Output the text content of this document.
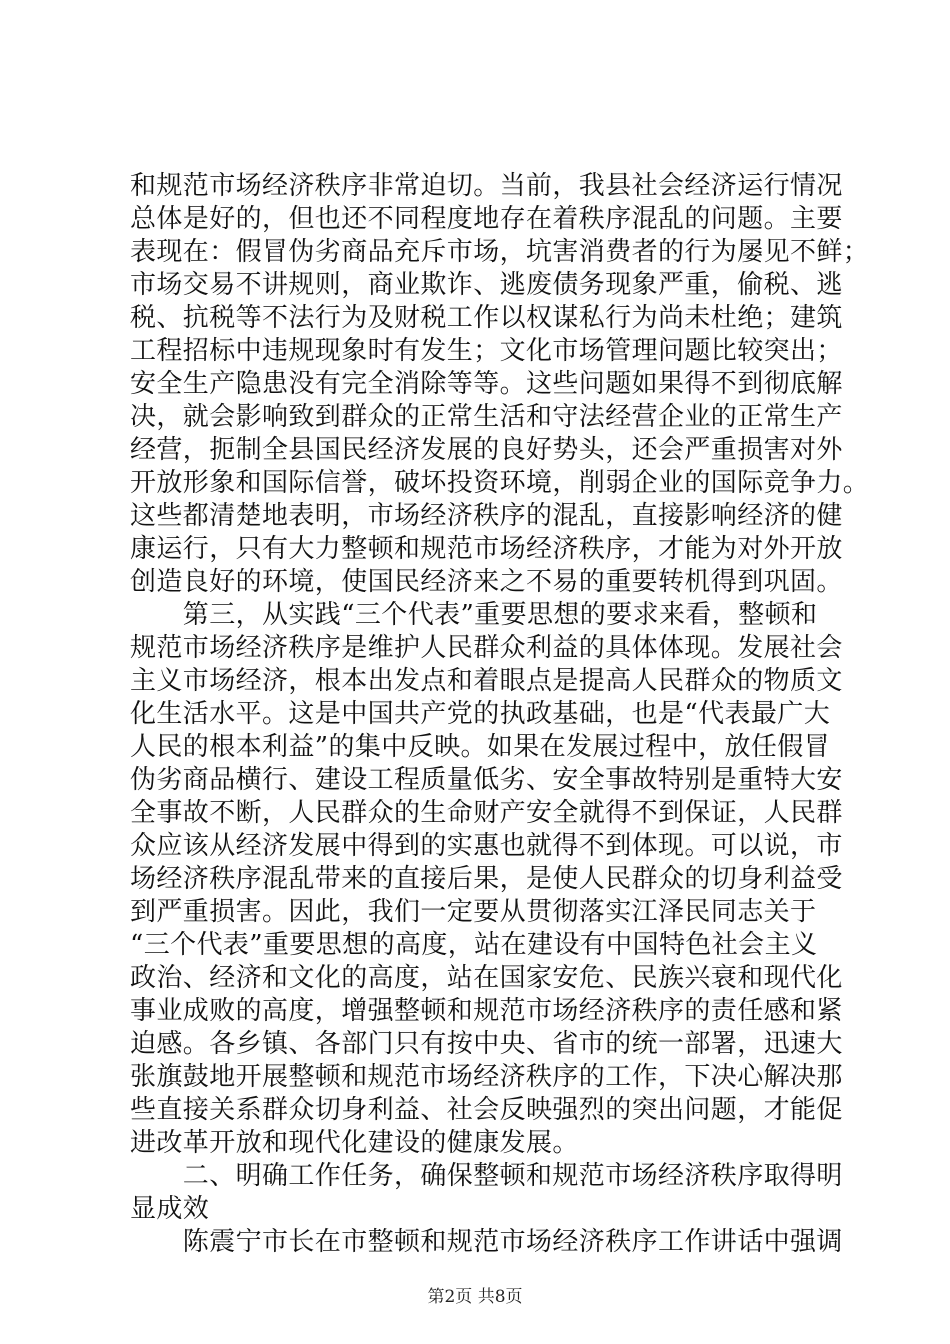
和规范市场经济秩序非常迫切。当前，我县社会经济运行情况
总体是好的，但也还不同程度地存在着秩序混乱的问题。主要
表现在：假冒伪劣商品充斥市场，坑害消费者的行为屡见不鲜；
市场交易不讲规则，商业欺诈、逃废债务现象严重，偷税、逃
税、抗税等不法行为及财税工作以权谋私行为尚未杜绝；建筑
工程招标中违规现象时有发生；文化市场管理问题比较突出；
安全生产隐患没有完全消除等等。这些问题如果得不到彻底解
决，就会影响致到群众的正常生活和守法经营企业的正常生产
经营，扼制全县国民经济发展的良好势头，还会严重损害对外
开放形象和国际信誉，破坏投资环境，削弱企业的国际竞争力。
这些都清楚地表明，市场经济秩序的混乱，直接影响经济的健
康运行，只有大力整顿和规范市场经济秩序，才能为对外开放
创造良好的环境，使国民经济来之不易的重要转机得到巩固。
　　第三，从实践“三个代表”重要思想的要求来看，整顿和
规范市场经济秩序是维护人民群众利益的具体体现。发展社会
主义市场经济，根本出发点和着眼点是提高人民群众的物质文
化生活水平。这是中国共产党的执政基础，也是“代表最广大
人民的根本利益”的集中反映。如果在发展过程中，放任假冒
伪劣商品横行、建设工程质量低劣、安全事故特别是重特大安
全事故不断，人民群众的生命财产安全就得不到保证，人民群
众应该从经济发展中得到的实惠也就得不到体现。可以说，市
场经济秩序混乱带来的直接后果，是使人民群众的切身利益受
到严重损害。因此，我们一定要从贯彻落实江泽民同志关于
“三个代表”重要思想的高度，站在建设有中国特色社会主义
政治、经济和文化的高度，站在国家安危、民族兴衰和现代化
事业成败的高度，增强整顿和规范市场经济秩序的责任感和紧
迫感。各乡镇、各部门只有按中央、省市的统一部署，迅速大
张旗鼓地开展整顿和规范市场经济秩序的工作，下决心解决那
些直接关系群众切身利益、社会反映强烈的突出问题，才能促
进改革开放和现代化建设的健康发展。
　　二、明确工作任务，确保整顿和规范市场经济秩序取得明
显成效
　　陈震宁市长在市整顿和规范市场经济秩序工作讲话中强调
第2页 共8页
